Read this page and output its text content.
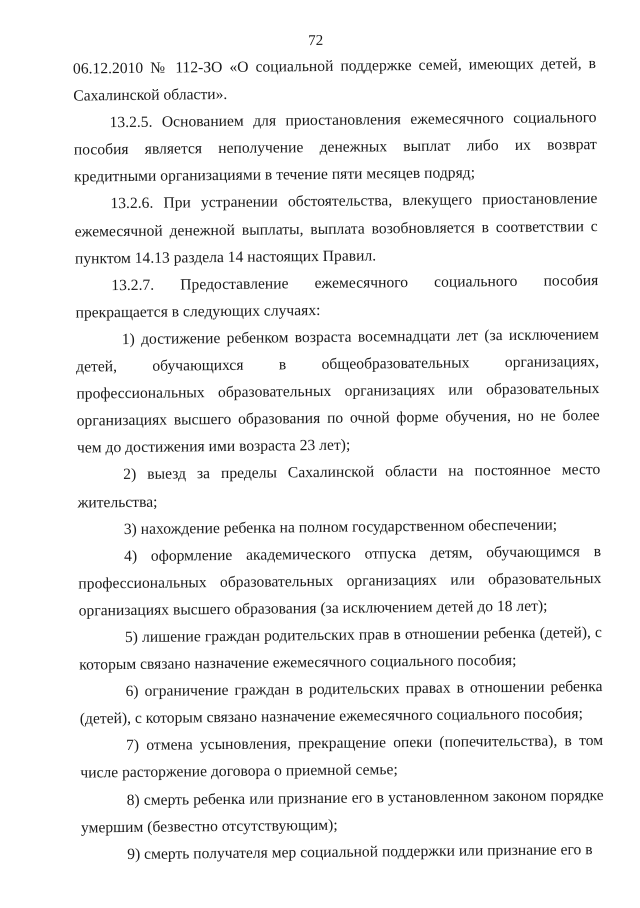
72

06.12.2010 № 112-ЗО «О социальной поддержке семей, имеющих детей, в Сахалинской области».

13.2.5. Основанием для приостановления ежемесячного социального пособия является неполучение денежных выплат либо их возврат кредитными организациями в течение пяти месяцев подряд;

13.2.6. При устранении обстоятельства, влекущего приостановление ежемесячной денежной выплаты, выплата возобновляется в соответствии с пунктом 14.13 раздела 14 настоящих Правил.

13.2.7. Предоставление ежемесячного социального пособия прекращается в следующих случаях:

1) достижение ребенком возраста восемнадцати лет (за исключением детей, обучающихся в общеобразовательных организациях, профессиональных образовательных организациях или образовательных организациях высшего образования по очной форме обучения, но не более чем до достижения ими возраста 23 лет);

2) выезд за пределы Сахалинской области на постоянное место жительства;

3) нахождение ребенка на полном государственном обеспечении;

4) оформление академического отпуска детям, обучающимся в профессиональных образовательных организациях или образовательных организациях высшего образования (за исключением детей до 18 лет);

5) лишение граждан родительских прав в отношении ребенка (детей), с которым связано назначение ежемесячного социального пособия;

6) ограничение граждан в родительских правах в отношении ребенка (детей), с которым связано назначение ежемесячного социального пособия;

7) отмена усыновления, прекращение опеки (попечительства), в том числе расторжение договора о приемной семье;

8) смерть ребенка или признание его в установленном законом порядке умершим (безвестно отсутствующим);

9) смерть получателя мер социальной поддержки или признание его в
